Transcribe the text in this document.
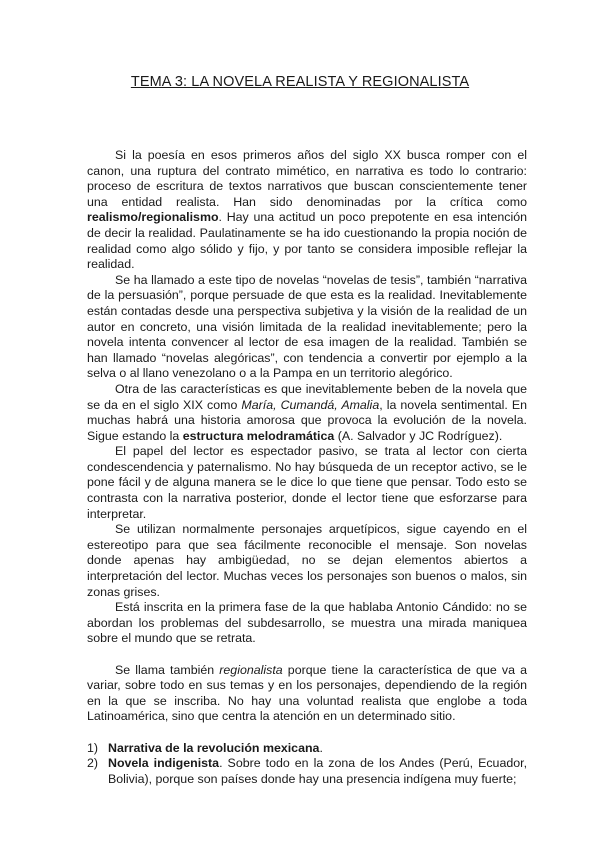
TEMA 3: LA NOVELA REALISTA Y REGIONALISTA

Si la poesía en esos primeros años del siglo XX busca romper con el canon, una ruptura del contrato mimético, en narrativa es todo lo contrario: proceso de escritura de textos narrativos que buscan conscientemente tener una entidad realista. Han sido denominadas por la crítica como realismo/regionalismo. Hay una actitud un poco prepotente en esa intención de decir la realidad. Paulatinamente se ha ido cuestionando la propia noción de realidad como algo sólido y fijo, y por tanto se considera imposible reflejar la realidad.

Se ha llamado a este tipo de novelas “novelas de tesis”, también “narrativa de la persuasión”, porque persuade de que esta es la realidad. Inevitablemente están contadas desde una perspectiva subjetiva y la visión de la realidad de un autor en concreto, una visión limitada de la realidad inevitablemente; pero la novela intenta convencer al lector de esa imagen de la realidad. También se han llamado “novelas alegóricas”, con tendencia a convertir por ejemplo a la selva o al llano venezolano o a la Pampa en un territorio alegórico.

Otra de las características es que inevitablemente beben de la novela que se da en el siglo XIX como María, Cumandá, Amalia, la novela sentimental. En muchas habrá una historia amorosa que provoca la evolución de la novela. Sigue estando la estructura melodramática (A. Salvador y JC Rodríguez).

El papel del lector es espectador pasivo, se trata al lector con cierta condescendencia y paternalismo. No hay búsqueda de un receptor activo, se le pone fácil y de alguna manera se le dice lo que tiene que pensar. Todo esto se contrasta con la narrativa posterior, donde el lector tiene que esforzarse para interpretar.

Se utilizan normalmente personajes arquetípicos, sigue cayendo en el estereotipo para que sea fácilmente reconocible el mensaje. Son novelas donde apenas hay ambigüedad, no se dejan elementos abiertos a interpretación del lector. Muchas veces los personajes son buenos o malos, sin zonas grises.

Está inscrita en la primera fase de la que hablaba Antonio Cándido: no se abordan los problemas del subdesarrollo, se muestra una mirada maniquea sobre el mundo que se retrata.

Se llama también regionalista porque tiene la característica de que va a variar, sobre todo en sus temas y en los personajes, dependiendo de la región en la que se inscriba. No hay una voluntad realista que englobe a toda Latinoamérica, sino que centra la atención en un determinado sitio.

1) Narrativa de la revolución mexicana.
2) Novela indigenista. Sobre todo en la zona de los Andes (Perú, Ecuador, Bolivia), porque son países donde hay una presencia indígena muy fuerte;
